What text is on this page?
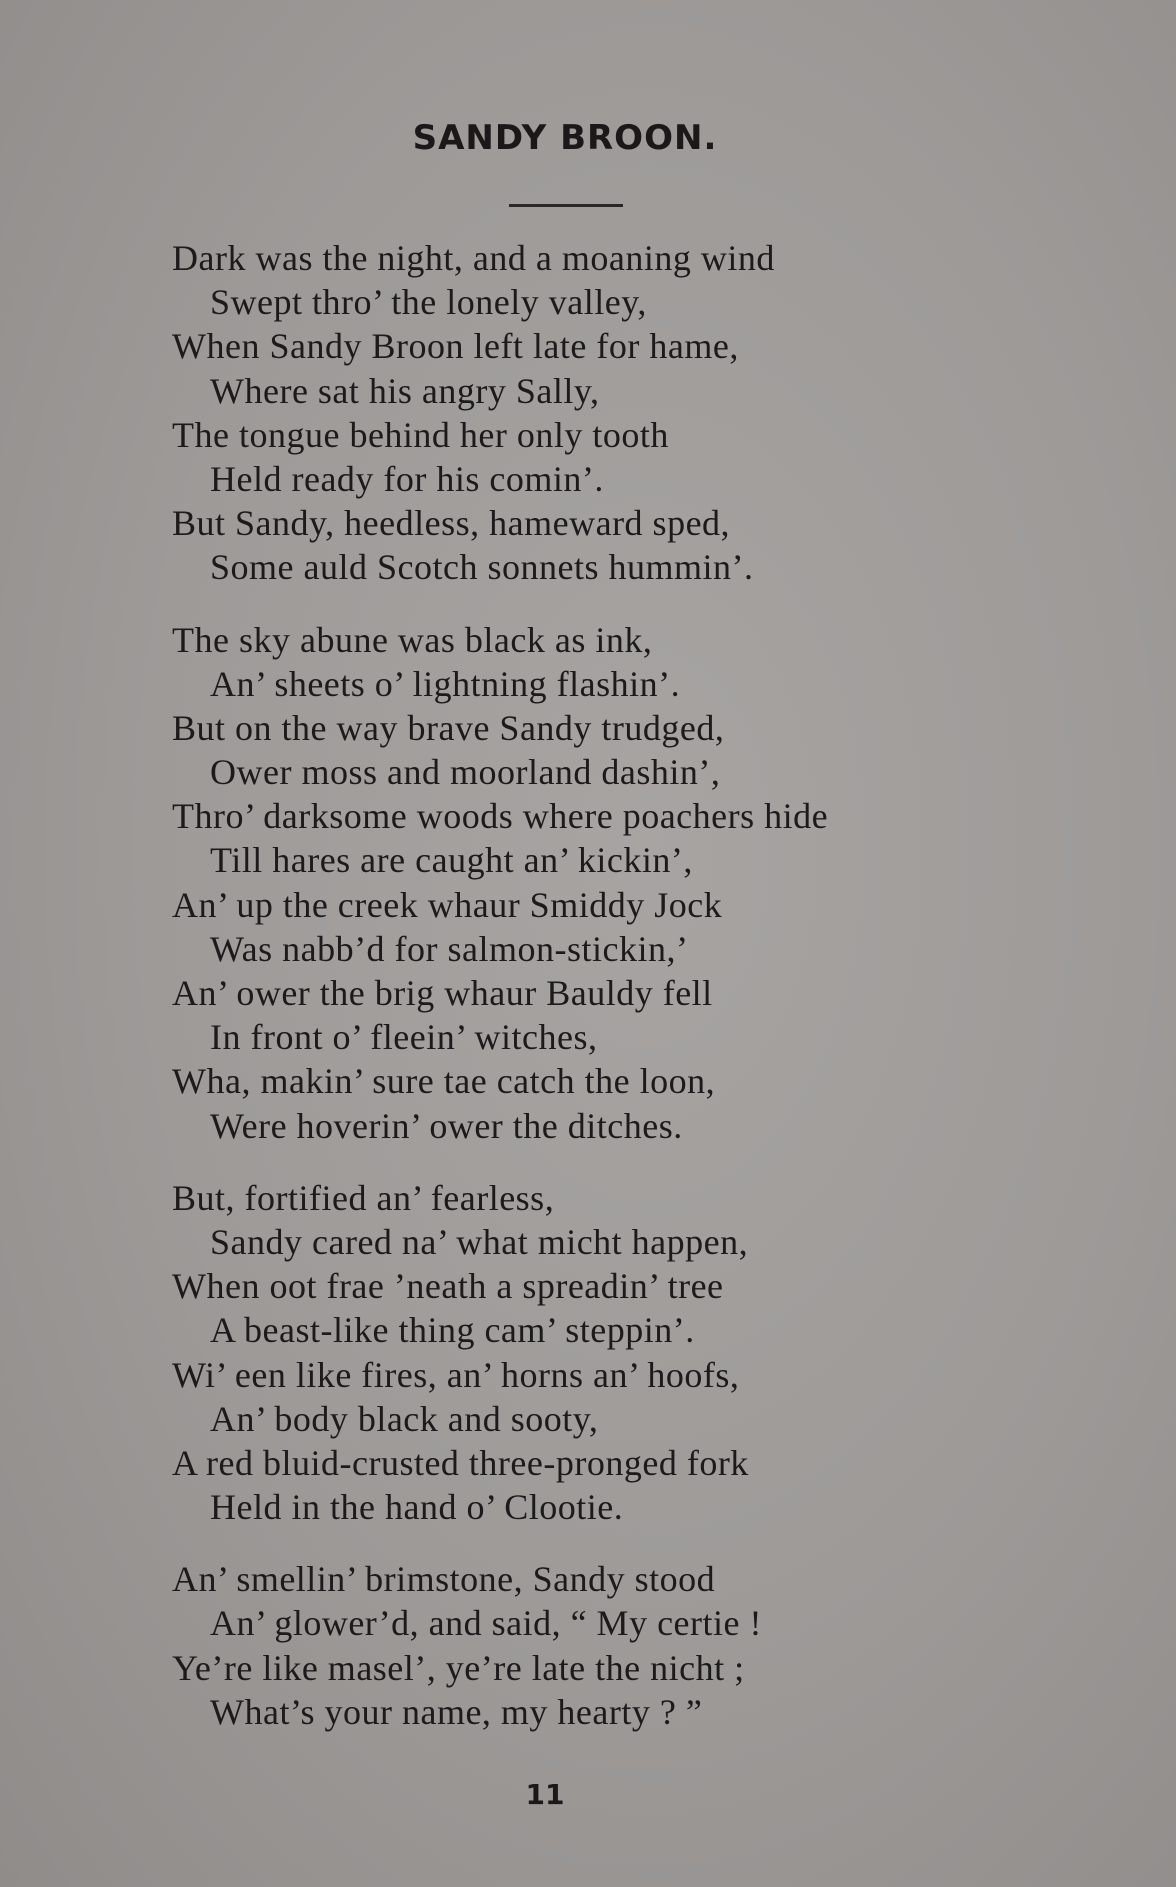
SANDY BROON.
Dark was the night, and a moaning wind
Swept thro’ the lonely valley,
When Sandy Broon left late for hame,
Where sat his angry Sally,
The tongue behind her only tooth
Held ready for his comin’.
But Sandy, heedless, hameward sped,
Some auld Scotch sonnets hummin’.
The sky abune was black as ink,
An’ sheets o’ lightning flashin’.
But on the way brave Sandy trudged,
Ower moss and moorland dashin’,
Thro’ darksome woods where poachers hide
Till hares are caught an’ kickin’,
An’ up the creek whaur Smiddy Jock
Was nabb’d for salmon-stickin,’
An’ ower the brig whaur Bauldy fell
In front o’ fleein’ witches,
Wha, makin’ sure tae catch the loon,
Were hoverin’ ower the ditches.
But, fortified an’ fearless,
Sandy cared na’ what micht happen,
When oot frae ’neath a spreadin’ tree
A beast-like thing cam’ steppin’.
Wi’ een like fires, an’ horns an’ hoofs,
An’ body black and sooty,
A red bluid-crusted three-pronged fork
Held in the hand o’ Clootie.
An’ smellin’ brimstone, Sandy stood
An’ glower’d, and said, “ My certie !
Ye’re like masel’, ye’re late the nicht ;
What’s your name, my hearty ? ”
11
